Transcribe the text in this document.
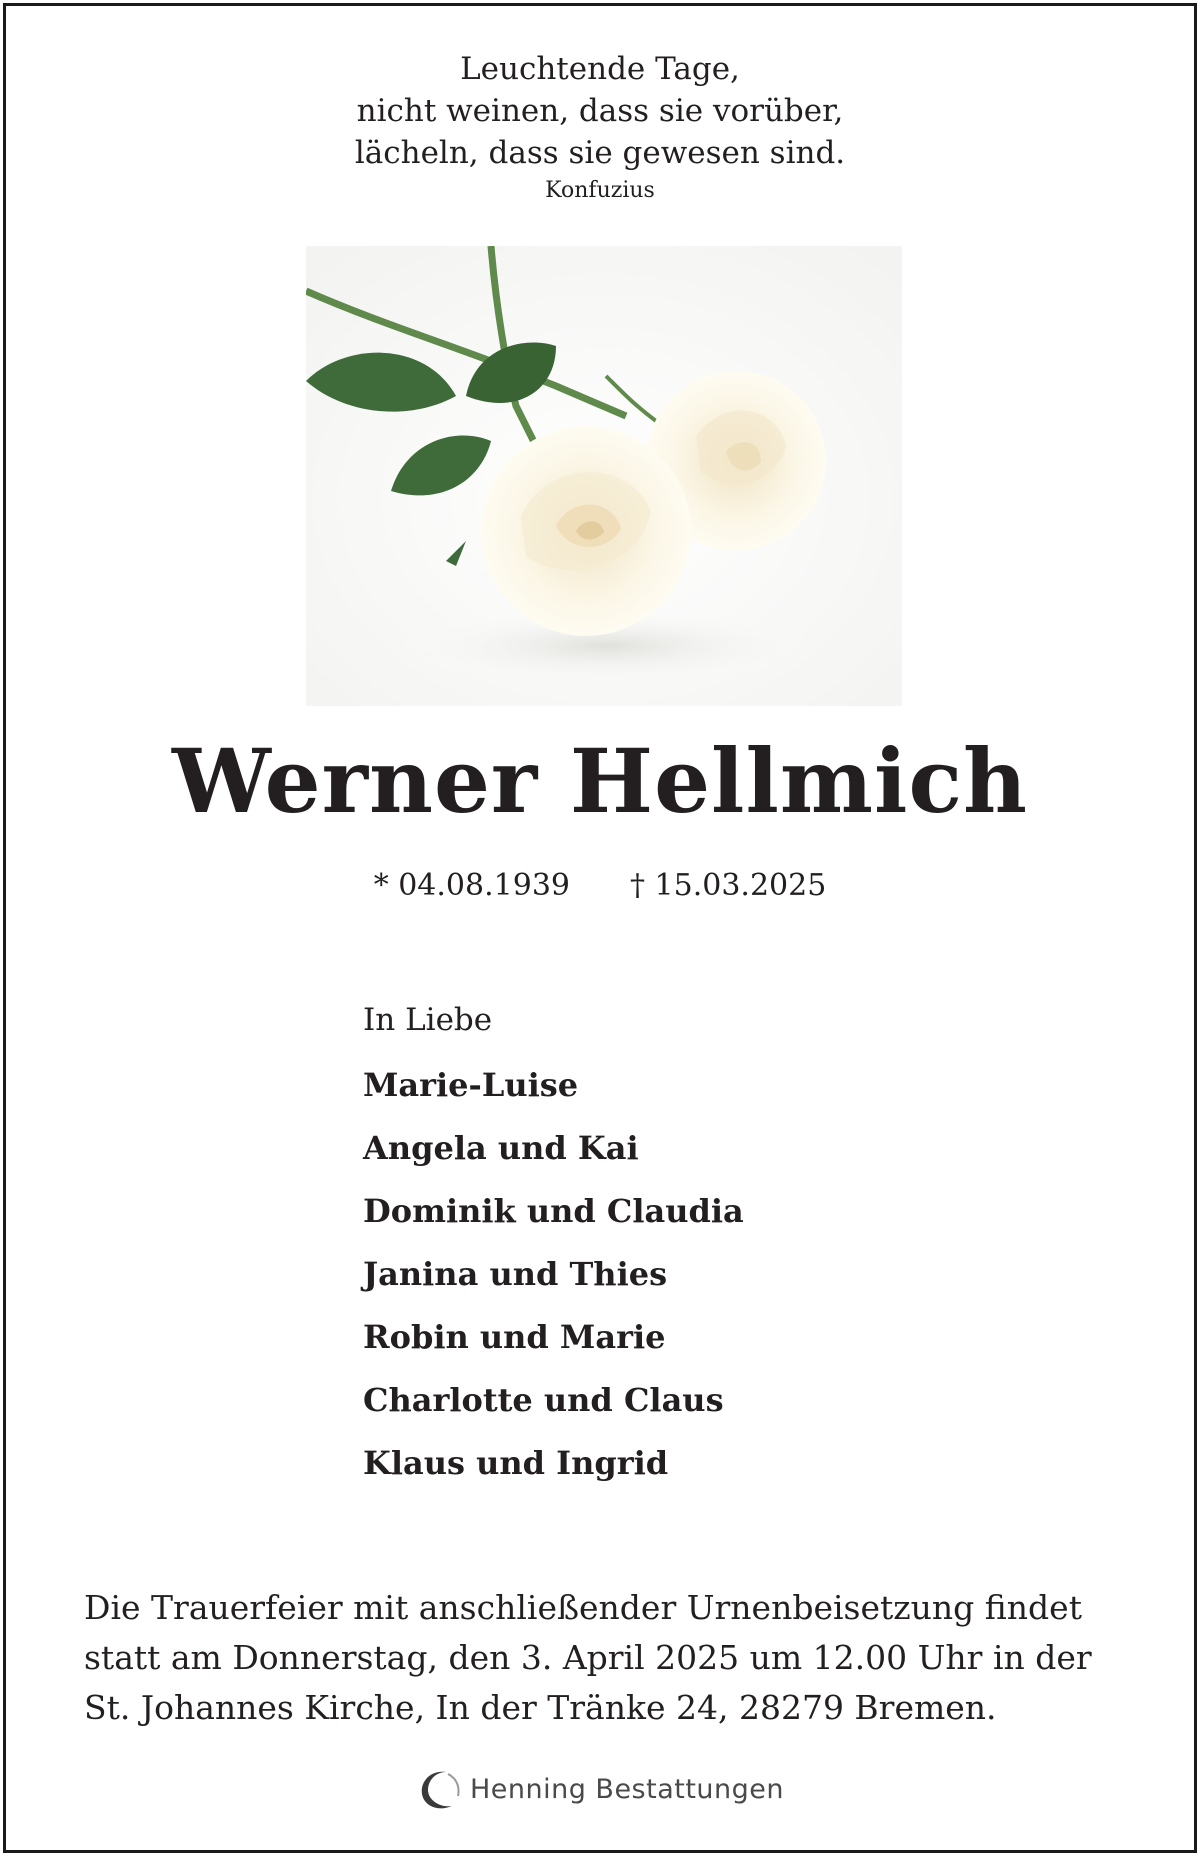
Leuchtende Tage,
nicht weinen, dass sie vorüber,
lächeln, dass sie gewesen sind.
Konfuzius
Werner Hellmich
* 04.08.1939 † 15.03.2025
In Liebe
Marie-Luise
Angela und Kai
Dominik und Claudia
Janina und Thies
Robin und Marie
Charlotte und Claus
Klaus und Ingrid
Die Trauerfeier mit anschließender Urnenbeisetzung findet statt am Donnerstag, den 3. April 2025 um 12.00 Uhr in der St. Johannes Kirche, In der Tränke 24, 28279 Bremen.
Henning Bestattungen
